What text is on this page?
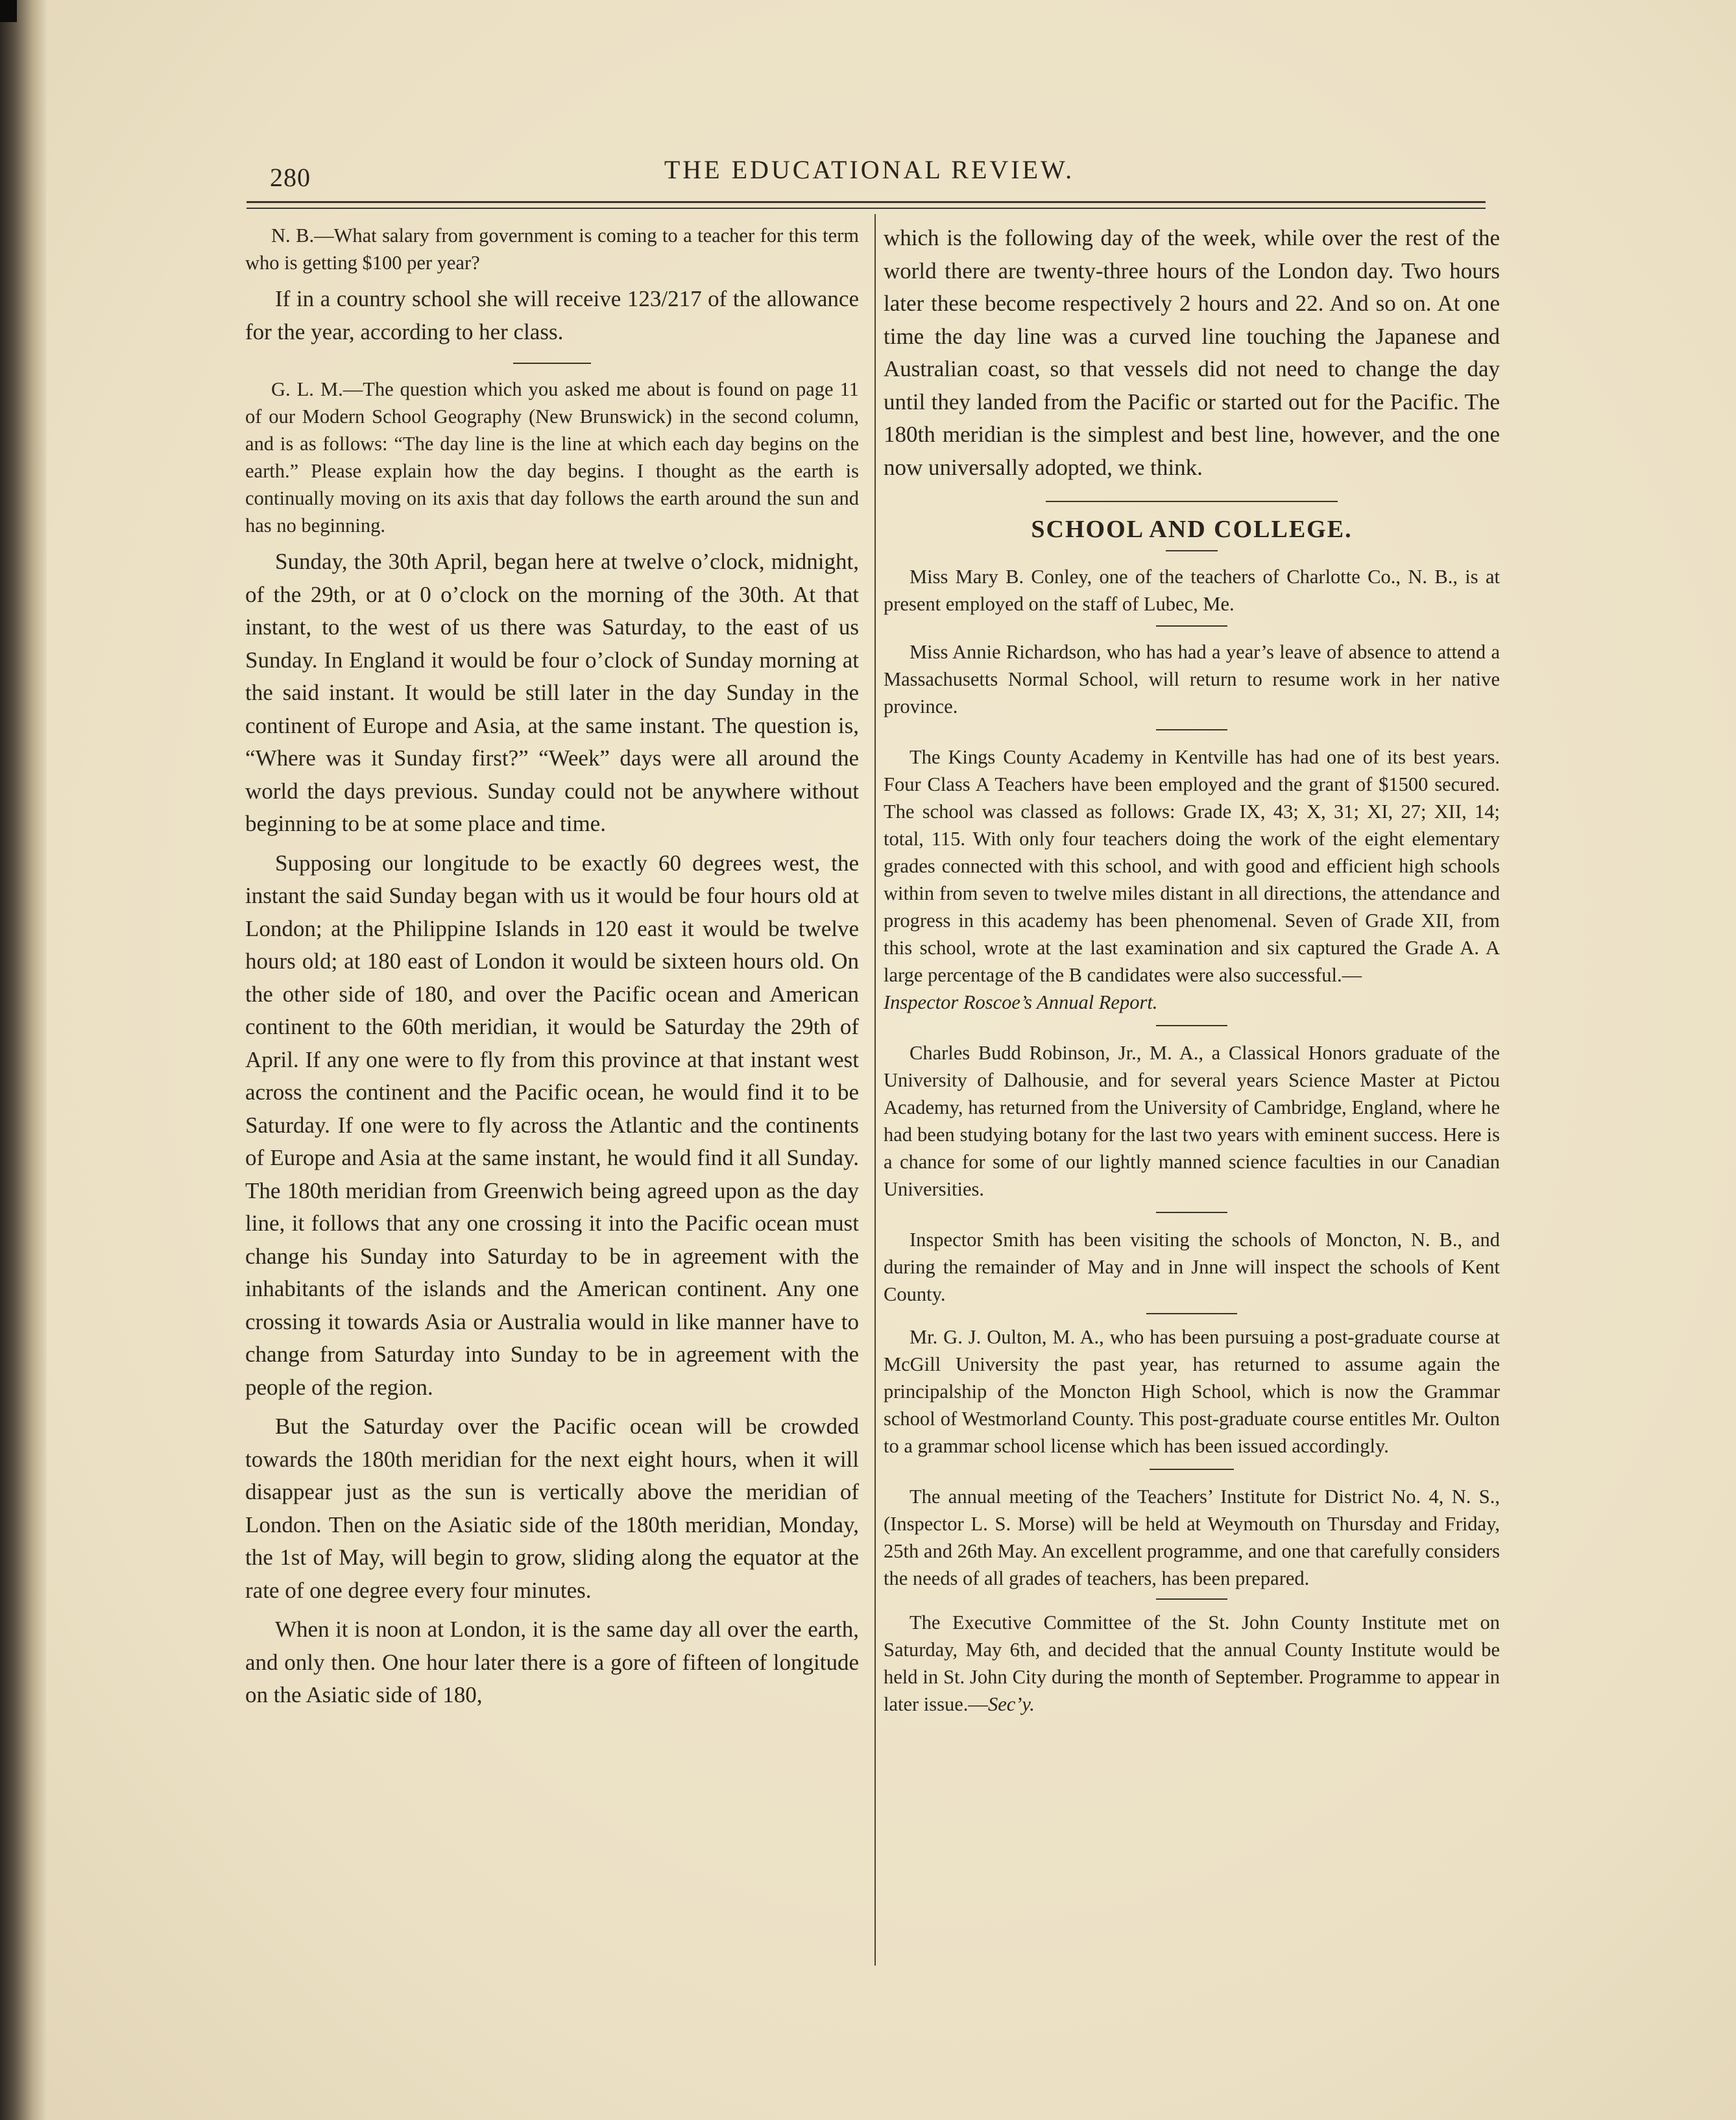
280	THE EDUCATIONAL REVIEW.

N. B.—What salary from government is coming to a teacher for this term who is getting $100 per year?

If in a country school she will receive 123/217 of the allowance for the year, according to her class.

G. L. M.—The question which you asked me about is found on page 11 of our Modern School Geography (New Brunswick) in the second column, and is as follows: “The day line is the line at which each day begins on the earth.” Please explain how the day begins. I thought as the earth is continually moving on its axis that day follows the earth around the sun and has no beginning.

Sunday, the 30th April, began here at twelve o’clock, midnight, of the 29th, or at 0 o’clock on the morning of the 30th. At that instant, to the west of us there was Saturday, to the east of us Sunday. In England it would be four o’clock of Sunday morning at the said instant. It would be still later in the day Sunday in the continent of Europe and Asia, at the same instant. The question is, “Where was it Sunday first?” “Week” days were all around the world the days previous. Sunday could not be anywhere without beginning to be at some place and time.

Supposing our longitude to be exactly 60 degrees west, the instant the said Sunday began with us it would be four hours old at London; at the Philippine Islands in 120 east it would be twelve hours old; at 180 east of London it would be sixteen hours old. On the other side of 180, and over the Pacific ocean and American continent to the 60th meridian, it would be Saturday the 29th of April. If any one were to fly from this province at that instant west across the continent and the Pacific ocean, he would find it to be Saturday. If one were to fly across the Atlantic and the continents of Europe and Asia at the same instant, he would find it all Sunday. The 180th meridian from Greenwich being agreed upon as the day line, it follows that any one crossing it into the Pacific ocean must change his Sunday into Saturday to be in agreement with the inhabitants of the islands and the American continent. Any one crossing it towards Asia or Australia would in like manner have to change from Saturday into Sunday to be in agreement with the people of the region.

But the Saturday over the Pacific ocean will be crowded towards the 180th meridian for the next eight hours, when it will disappear just as the sun is vertically above the meridian of London. Then on the Asiatic side of the 180th meridian, Monday, the 1st of May, will begin to grow, sliding along the equator at the rate of one degree every four minutes.

When it is noon at London, it is the same day all over the earth, and only then. One hour later there is a gore of fifteen of longitude on the Asiatic side of 180,

which is the following day of the week, while over the rest of the world there are twenty-three hours of the London day. Two hours later these become respectively 2 hours and 22. And so on. At one time the day line was a curved line touching the Japanese and Australian coast, so that vessels did not need to change the day until they landed from the Pacific or started out for the Pacific. The 180th meridian is the simplest and best line, however, and the one now universally adopted, we think.

SCHOOL AND COLLEGE.

Miss Mary B. Conley, one of the teachers of Charlotte Co., N. B., is at present employed on the staff of Lubec, Me.

Miss Annie Richardson, who has had a year’s leave of absence to attend a Massachusetts Normal School, will return to resume work in her native province.

The Kings County Academy in Kentville has had one of its best years. Four Class A Teachers have been employed and the grant of $1500 secured. The school was classed as follows: Grade IX, 43; X, 31; XI, 27; XII, 14; total, 115. With only four teachers doing the work of the eight elementary grades connected with this school, and with good and efficient high schools within from seven to twelve miles distant in all directions, the attendance and progress in this academy has been phenomenal. Seven of Grade XII, from this school, wrote at the last examination and six captured the Grade A. A large percentage of the B candidates were also successful.—
Inspector Roscoe’s Annual Report.

Charles Budd Robinson, Jr., M. A., a Classical Honors graduate of the University of Dalhousie, and for several years Science Master at Pictou Academy, has returned from the University of Cambridge, England, where he had been studying botany for the last two years with eminent success. Here is a chance for some of our lightly manned science faculties in our Canadian Universities.

Inspector Smith has been visiting the schools of Moncton, N. B., and during the remainder of May and in Jnne will inspect the schools of Kent County.

Mr. G. J. Oulton, M. A., who has been pursuing a post-graduate course at McGill University the past year, has returned to assume again the principalship of the Moncton High School, which is now the Grammar school of Westmorland County. This post-graduate course entitles Mr. Oulton to a grammar school license which has been issued accordingly.

The annual meeting of the Teachers’ Institute for District No. 4, N. S., (Inspector L. S. Morse) will be held at Weymouth on Thursday and Friday, 25th and 26th May. An excellent programme, and one that carefully considers the needs of all grades of teachers, has been prepared.

The Executive Committee of the St. John County Institute met on Saturday, May 6th, and decided that the annual County Institute would be held in St. John City during the month of September. Programme to appear in later issue.—Sec’y.
